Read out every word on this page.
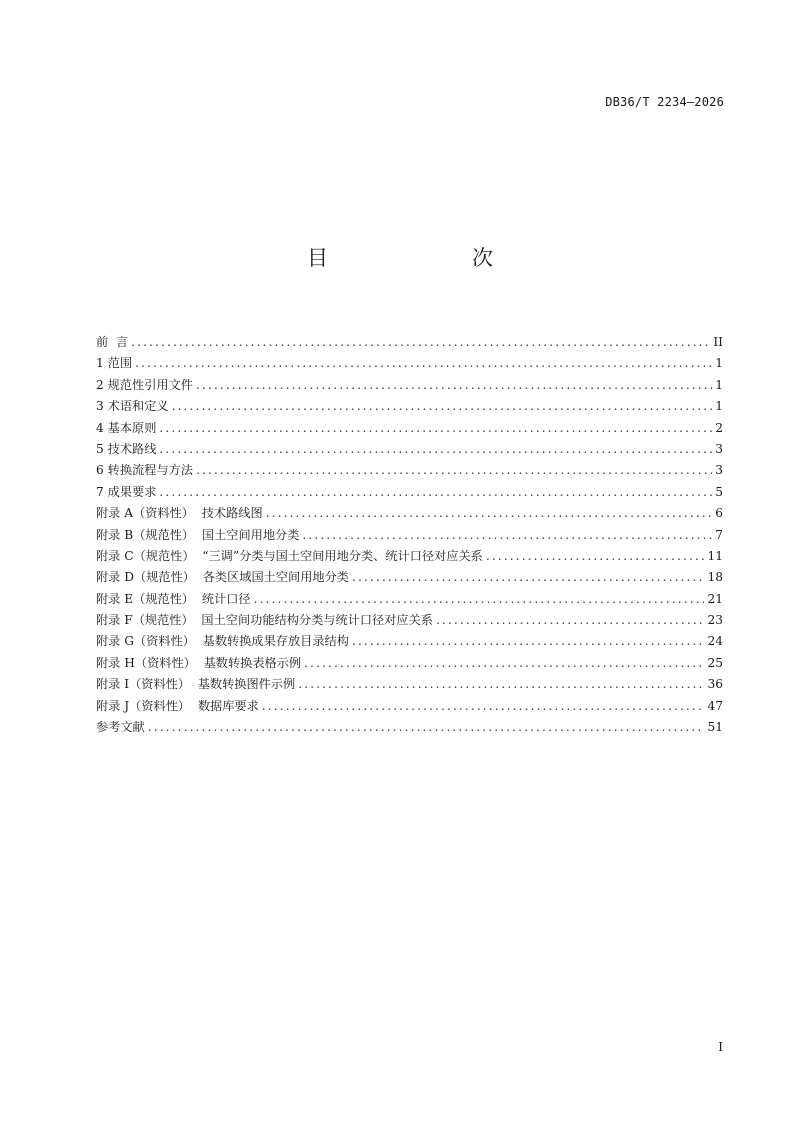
DB36/T 2234—2026
目　　次
前  言 .....	II
1 范围 .....	1
2 规范性引用文件 .....	1
3 术语和定义 .....	1
4 基本原则 .....	2
5 技术路线 .....	3
6 转换流程与方法 .....	3
7 成果要求 .....	5
附录 A（资料性）  技术路线图 .....	6
附录 B（规范性）  国土空间用地分类 .....	7
附录 C（规范性）  “三调”分类与国土空间用地分类、统计口径对应关系 .....	11
附录 D（规范性）  各类区域国土空间用地分类 .....	18
附录 E（规范性）  统计口径 .....	21
附录 F（规范性）  国土空间功能结构分类与统计口径对应关系 .....	23
附录 G（资料性）  基数转换成果存放目录结构 .....	24
附录 H（资料性）  基数转换表格示例 .....	25
附录 I（资料性）  基数转换图件示例 .....	36
附录 J（资料性）  数据库要求 .....	47
参考文献 .....	51
I
